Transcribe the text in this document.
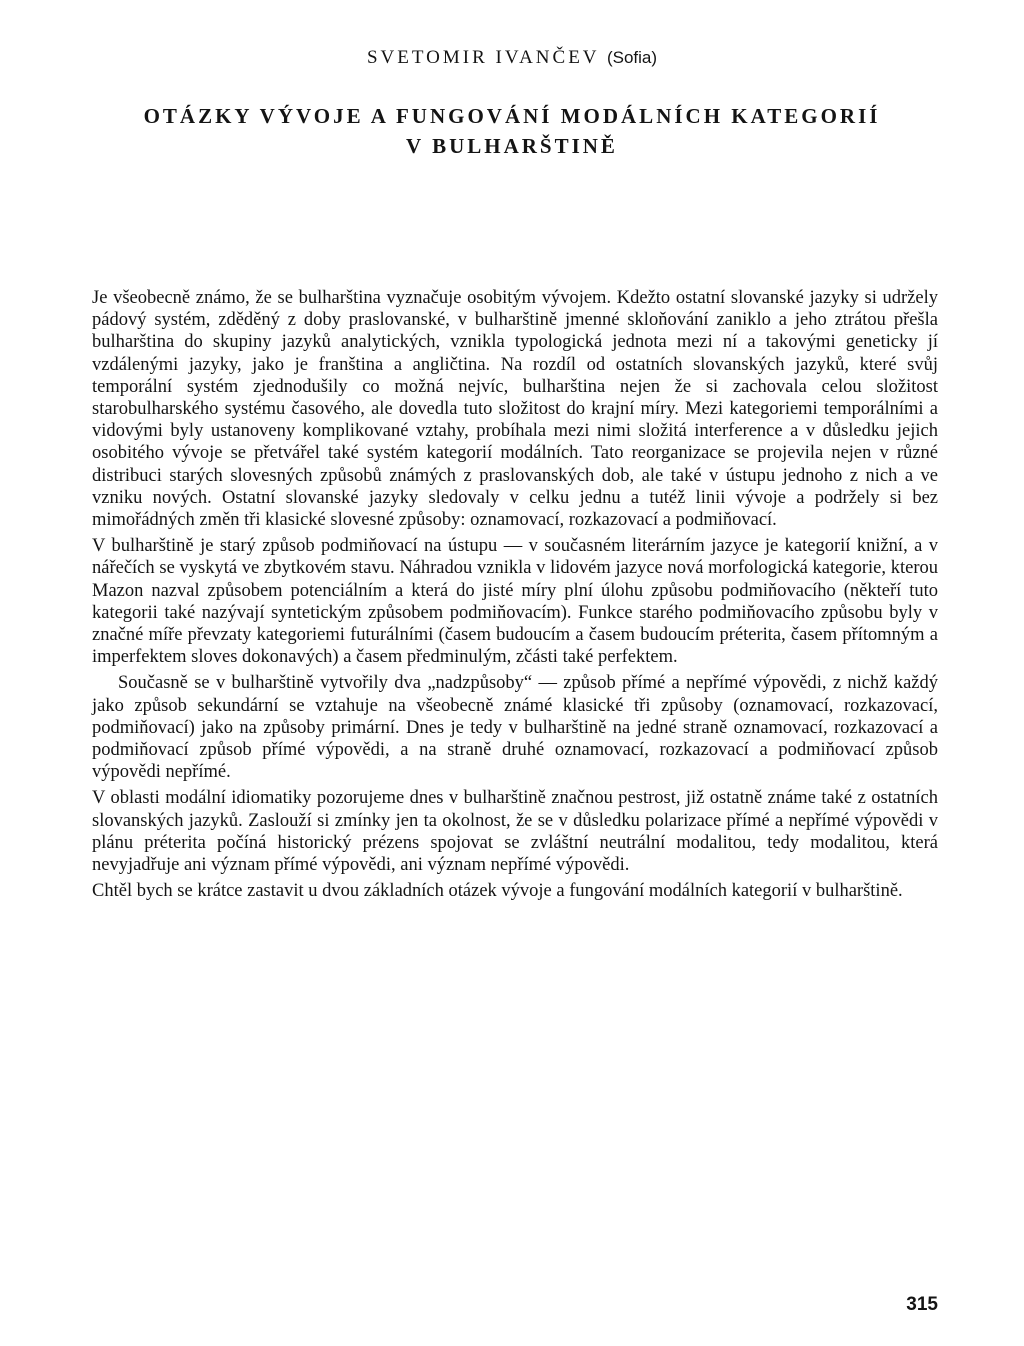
SVETOMIR IVANČEV (Sofia)
OTÁZKY VÝVOJE A FUNGOVÁNÍ MODÁLNÍCH KATEGORIÍ
V BULHARŠTINĚ

Je všeobecně známo, že se bulharština vyznačuje osobitým vývojem. Kdežto ostatní slovanské jazyky si udržely pádový systém, zděděný z doby praslovanské, v bulharštině jmenné skloňování zaniklo a jeho ztrátou přešla bulharština do skupiny jazyků analytických, vznikla typologická jednota mezi ní a takovými geneticky jí vzdálenými jazyky, jako je franština a angličtina. Na rozdíl od ostatních slovanských jazyků, které svůj temporální systém zjednodušily co možná nejvíc, bulharština nejen že si zachovala celou složitost starobulharského systému časového, ale dovedla tuto složitost do krajní míry. Mezi kategoriemi temporálními a vidovými byly ustanoveny komplikované vztahy, probíhala mezi nimi složitá interference a v důsledku jejich osobitého vývoje se přetvářel také systém kategorií modálních. Tato reorganizace se projevila nejen v různé distribuci starých slovesných způsobů známých z praslovanských dob, ale také v ústupu jednoho z nich a ve vzniku nových. Ostatní slovanské jazyky sledovaly v celku jednu a tutéž linii vývoje a podržely si bez mimořádných změn tři klasické slovesné způsoby: oznamovací, rozkazovací a podmiňovací.

V bulharštině je starý způsob podmiňovací na ústupu — v současném literárním jazyce je kategorií knižní, a v nářečích se vyskytá ve zbytkovém stavu. Náhradou vznikla v lidovém jazyce nová morfologická kategorie, kterou Mazon nazval způsobem potenciálním a která do jisté míry plní úlohu způsobu podmiňovacího (někteří tuto kategorii také nazývají syntetickým způsobem podmiňovacím). Funkce starého podmiňovacího způsobu byly v značné míře převzaty kategoriemi futurálními (časem budoucím a časem budoucím préterita, časem přítomným a imperfektem sloves dokonavých) a časem předminulým, zčásti také perfektem.

Současně se v bulharštině vytvořily dva „nadzpůsoby“ — způsob přímé a nepřímé výpovědi, z nichž každý jako způsob sekundární se vztahuje na všeobecně známé klasické tři způsoby (oznamovací, rozkazovací, podmiňovací) jako na způsoby primární. Dnes je tedy v bulharštině na jedné straně oznamovací, rozkazovací a podmiňovací způsob přímé výpovědi, a na straně druhé oznamovací, rozkazovací a podmiňovací způsob výpovědi nepřímé.

V oblasti modální idiomatiky pozorujeme dnes v bulharštině značnou pestrost, již ostatně známe také z ostatních slovanských jazyků. Zaslouží si zmínky jen ta okolnost, že se v důsledku polarizace přímé a nepřímé výpovědi v plánu préterita počíná historický prézens spojovat se zvláštní neutrální modalitou, tedy modalitou, která nevyjadřuje ani význam přímé výpovědi, ani význam nepřímé výpovědi.

Chtěl bych se krátce zastavit u dvou základních otázek vývoje a fungování modálních kategorií v bulharštině.

315
